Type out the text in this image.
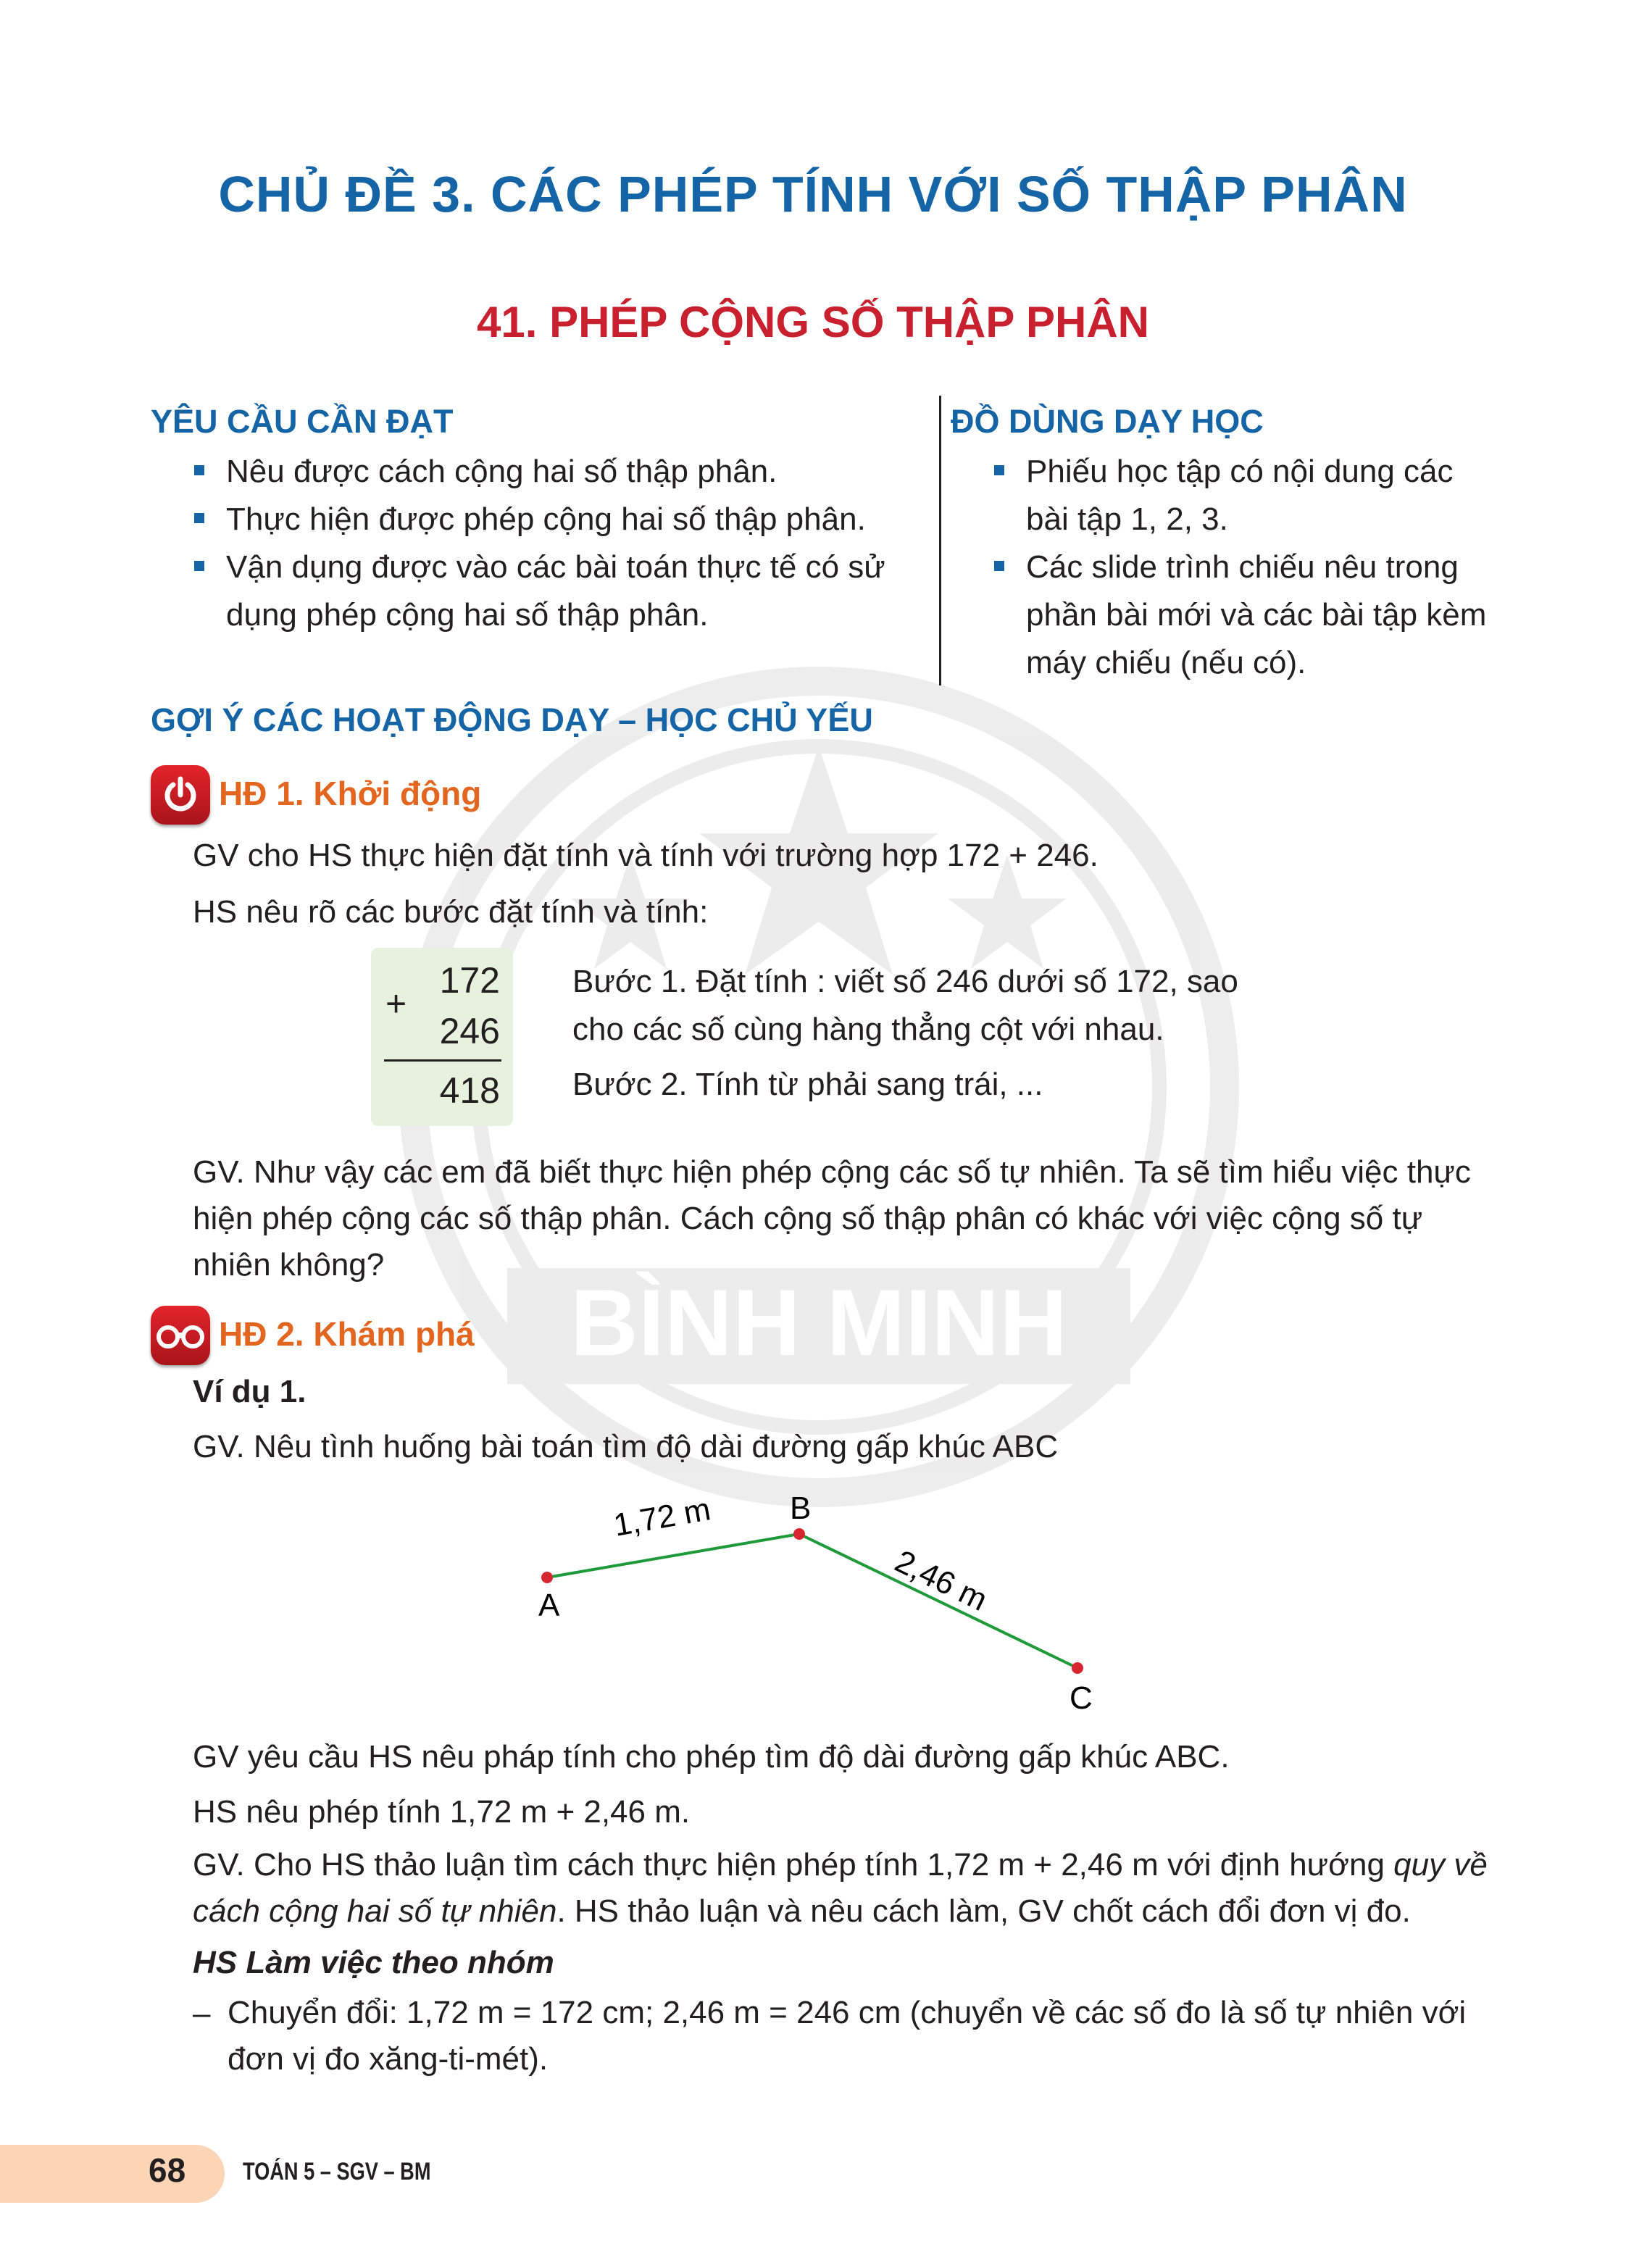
BÌNH MINH
CHỦ ĐỀ 3. CÁC PHÉP TÍNH VỚI SỐ THẬP PHÂN
41. PHÉP CỘNG SỐ THẬP PHÂN
YÊU CẦU CẦN ĐẠT
Nêu được cách cộng hai số thập phân.
Thực hiện được phép cộng hai số thập phân.
Vận dụng được vào các bài toán thực tế có sử dụng phép cộng hai số thập phân.
ĐỒ DÙNG DẠY HỌC
Phiếu học tập có nội dung các bài tập 1, 2, 3.
Các slide trình chiếu nêu trong phần bài mới và các bài tập kèm máy chiếu (nếu có).
GỢI Ý CÁC HOẠT ĐỘNG DẠY – HỌC CHỦ YẾU
HĐ 1. Khởi động
GV cho HS thực hiện đặt tính và tính với trường hợp 172 + 246.
HS nêu rõ các bước đặt tính và tính:
172
+
246
418
Bước 1. Đặt tính : viết số 246 dưới số 172, sao cho các số cùng hàng thẳng cột với nhau.
Bước 2. Tính từ phải sang trái, ...
GV. Như vậy các em đã biết thực hiện phép cộng các số tự nhiên. Ta sẽ tìm hiểu việc thực hiện phép cộng các số thập phân. Cách cộng số thập phân có khác với việc cộng số tự nhiên không?
HĐ 2. Khám phá
Ví dụ 1.
GV. Nêu tình huống bài toán tìm độ dài đường gấp khúc ABC
A
B
C
1,72 m
2,46 m
GV yêu cầu HS nêu pháp tính cho phép tìm độ dài đường gấp khúc ABC.
HS nêu phép tính 1,72 m + 2,46 m.
GV. Cho HS thảo luận tìm cách thực hiện phép tính 1,72 m + 2,46 m với định hướng quy về cách cộng hai số tự nhiên. HS thảo luận và nêu cách làm, GV chốt cách đổi đơn vị đo.
HS Làm việc theo nhóm
– Chuyển đổi: 1,72 m = 172 cm; 2,46 m = 246 cm (chuyển về các số đo là số tự nhiên với đơn vị đo xăng-ti-mét).
68 TOÁN 5 – SGV – BM
